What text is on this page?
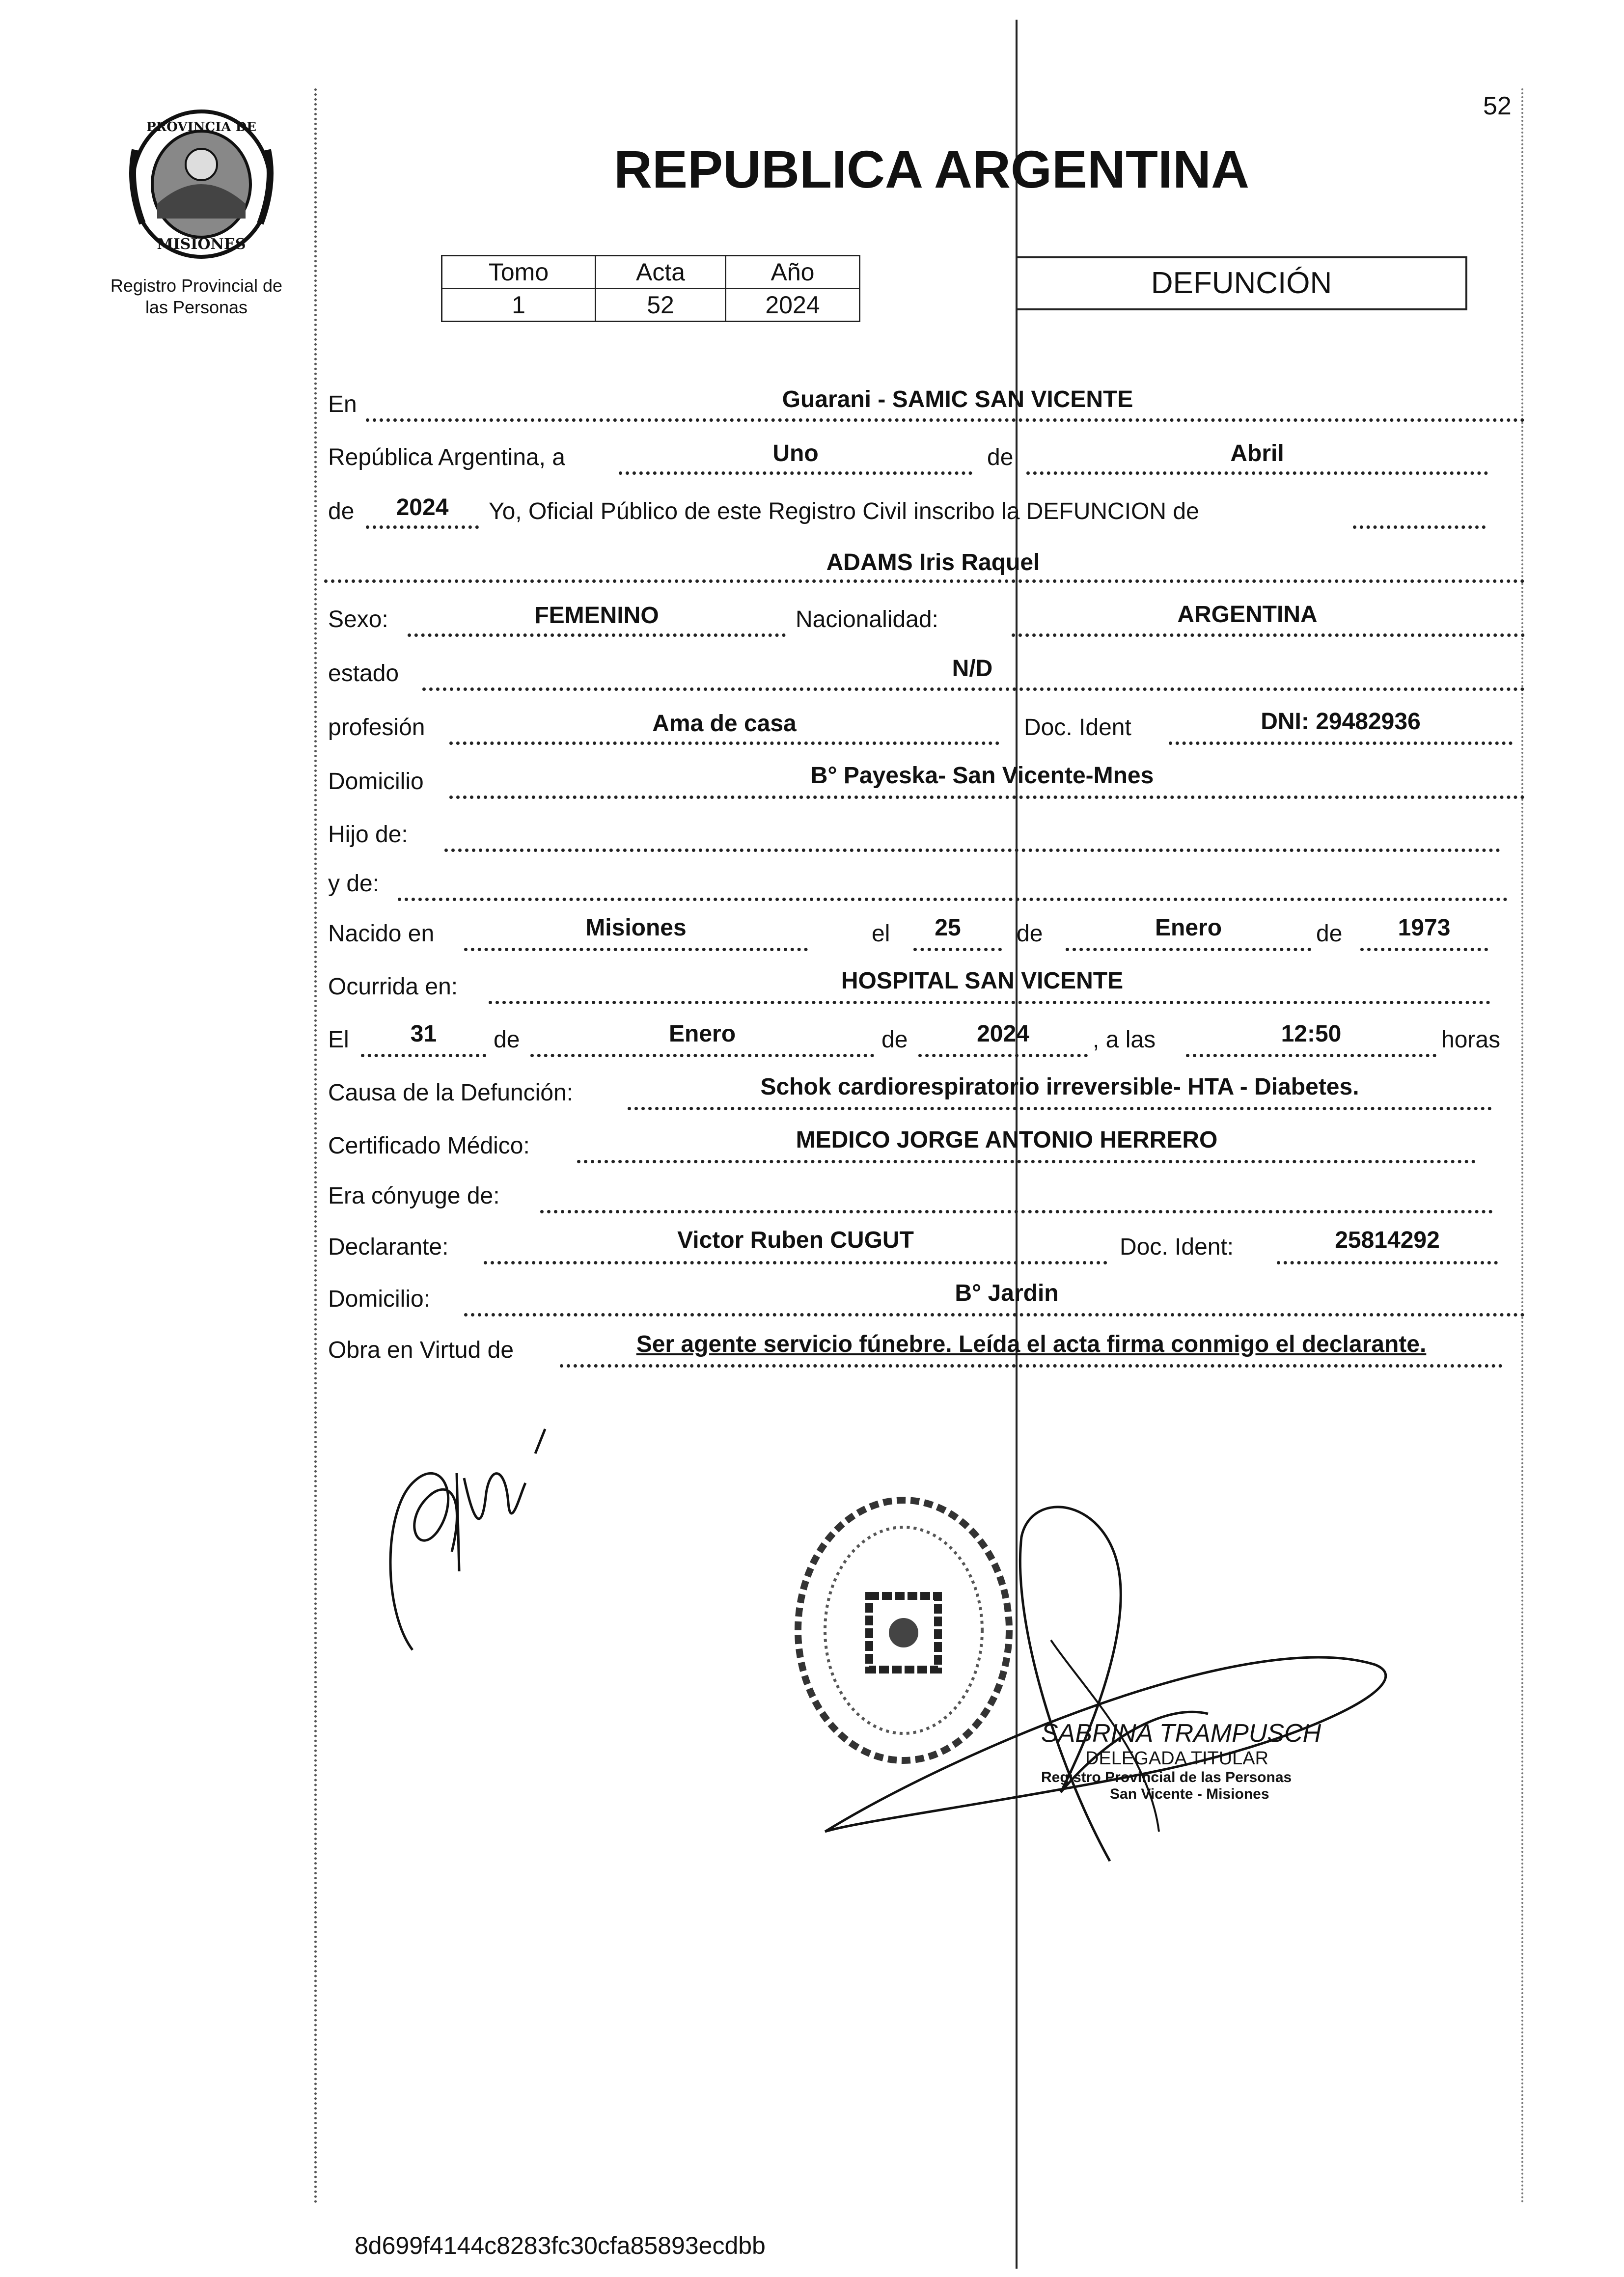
PROVINCIA DE
MISIONES
Registro Provincial de
las Personas
52
REPUBLICA ARGENTINA
Tomo	Acta	Año
1	52	2024
DEFUNCIÓN
En	Guarani - SAMIC SAN VICENTE
República Argentina, a	Uno	de	Abril
de	2024	Yo, Oficial Público de este Registro Civil inscribo la DEFUNCION de
ADAMS Iris Raquel
Sexo:	FEMENINO	Nacionalidad:	ARGENTINA
estado	N/D
profesión	Ama de casa	Doc. Ident	DNI: 29482936
Domicilio	B° Payeska- San Vicente-Mnes
Hijo de:
y de:
Nacido en	Misiones	el	25	de	Enero	de	1973
Ocurrida en:	HOSPITAL SAN VICENTE
El	31	de	Enero	de	2024	, a las	12:50	horas
Causa de la Defunción:	Schok cardiorespiratorio irreversible- HTA - Diabetes.
Certificado Médico:	MEDICO JORGE ANTONIO HERRERO
Era cónyuge de:
Declarante:	Victor Ruben CUGUT	Doc. Ident:	25814292
Domicilio:	B° Jardin
Obra en Virtud de	Ser agente servicio fúnebre. Leída el acta firma conmigo el declarante.
SABRINA TRAMPUSCH
DELEGADA TITULAR
Registro Provincial de las Personas
San Vicente - Misiones
8d699f4144c8283fc30cfa85893ecdbb
